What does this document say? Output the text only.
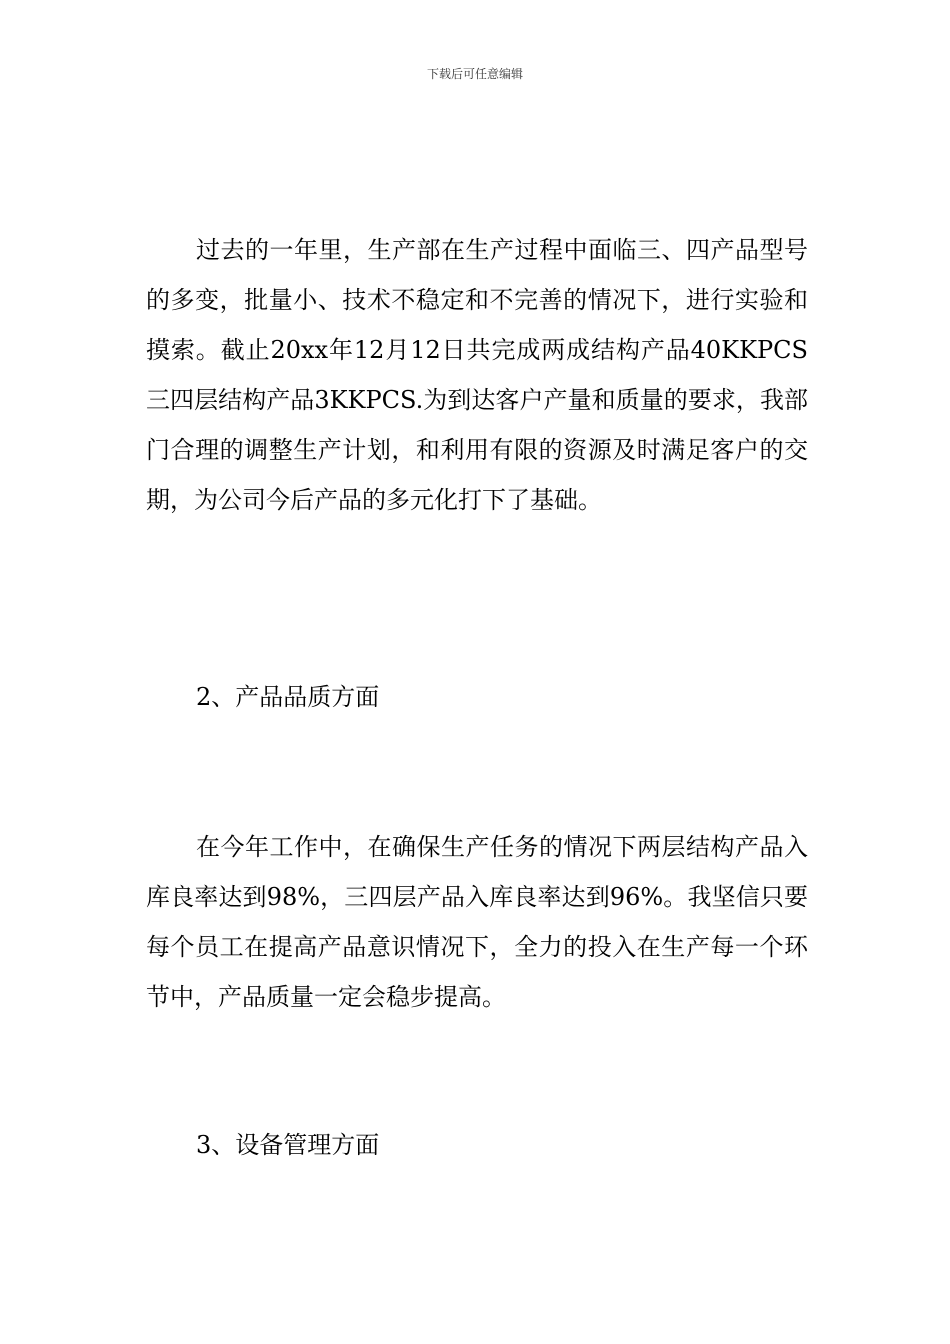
下载后可任意编辑

过去的一年里，生产部在生产过程中面临三、四产品型号的多变，批量小、技术不稳定和不完善的情况下，进行实验和摸索。截止20xx年12月12日共完成两成结构产品40KKPCS三四层结构产品3KKPCS.为到达客户产量和质量的要求，我部门合理的调整生产计划，和利用有限的资源及时满足客户的交期，为公司今后产品的多元化打下了基础。

2、产品品质方面

在今年工作中，在确保生产任务的情况下两层结构产品入库良率达到98%，三四层产品入库良率达到96%。我坚信只要每个员工在提高产品意识情况下，全力的投入在生产每一个环节中，产品质量一定会稳步提高。

3、设备管理方面
